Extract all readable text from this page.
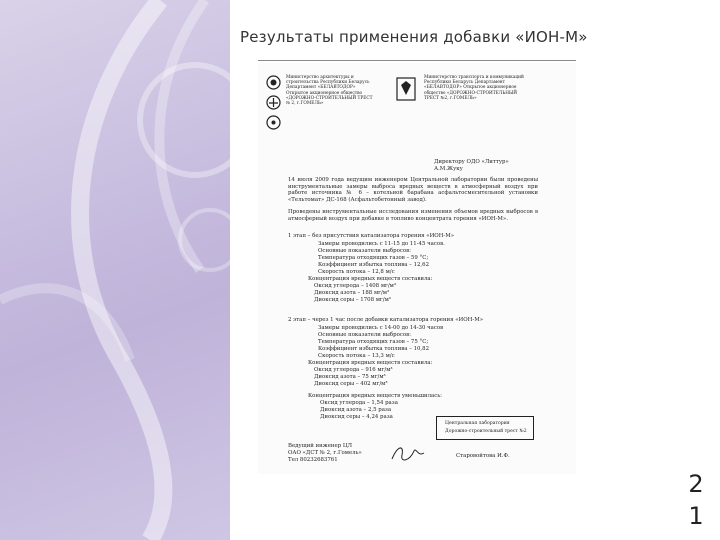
Результаты применения добавки «ИОН-М»
Министерство архитектуры и строительства Республики Беларусь Департамент «БЕЛАВТОДОР» Открытое акционерное общество «ДОРОЖНО-СТРОИТЕЛЬНЫЙ ТРЕСТ № 2, г.ГОМЕЛЬ»
Министерство транспорта и коммуникаций Республики Беларусь Департамент «БЕЛАВТОДОР» Открытое акционерное общество «ДОРОЖНО-СТРОИТЕЛЬНЫЙ ТРЕСТ №2, г.ГОМЕЛЬ»
Директору ОДО «Литтур»
А.М.Жуку
14 июля 2009 года ведущим инженером Центральной лаборатории были проведены инструментальные замеры выброса вредных веществ в атмосферный воздух при работе источника № 6 – котельной барабана асфальтосмесительной установки «Тельтомат» ДС-168 (Асфальтобетонный завод).
Проведены инструментальные исследования изменения объемов вредных выбросов в атмосферный воздух при добавке в топливо концентрата горения «ИОН-М».
1 этап – без присутствия катализатора горения «ИОН-М»
Замеры проводились с 11-15 до 11-45 часов.
Основные показатели выбросов:
Температура отходящих газов – 59 °С;
Коэффициент избытка топлива – 12,62
Скорость потока – 12,8 м/с
Концентрация вредных веществ составила:
Оксид углерода – 1408 мг/м³
Диоксид азота – 188 мг/м³
Диоксид серы – 1708 мг/м³
2 этап – через 1 час после добавки катализатора горения «ИОН-М»
Замеры проводились с 14-00 до 14-30 часов
Основные показатели выбросов:
Температура отходящих газов – 75 °С;
Коэффициент избытка топлива – 10,82
Скорость потока – 13,3 м/с
Концентрация вредных веществ составила:
Оксид углерода – 916 мг/м³
Диоксид азота – 75 мг/м³
Диоксид серы – 402 мг/м³
Концентрация вредных веществ уменьшилась:
Оксид углерода – 1,54 раза
Диоксид азота – 2,5 раза
Диоксид серы – 4,24 раза
Центральная лаборатория
Дорожно-строительный трест №2
Ведущий инженер ЦЛ
ОАО «ДСТ № 2, г.Гомель»
Тел 80232683761
Старовойтова И.Ф.
2
1
